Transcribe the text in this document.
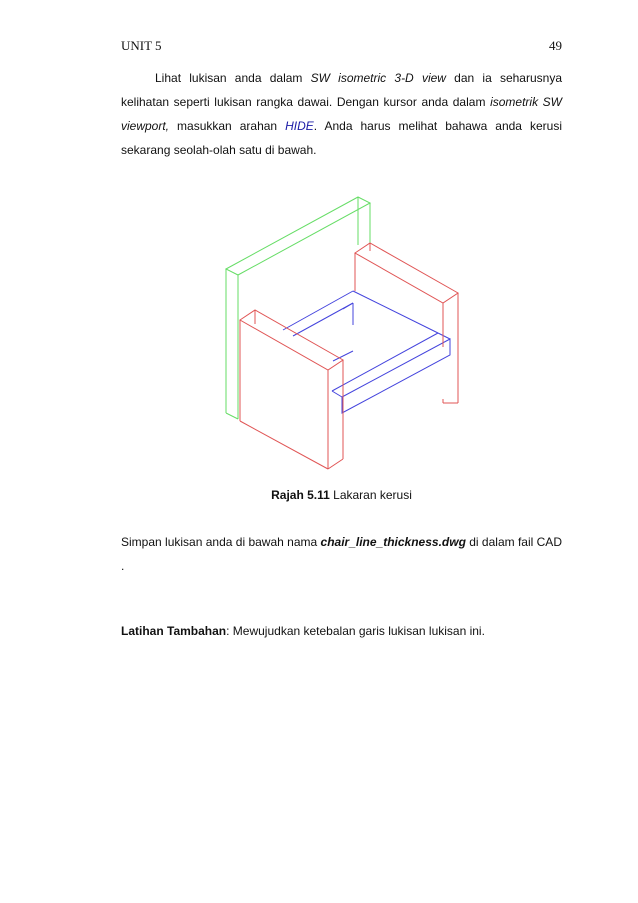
UNIT 5	49
Lihat lukisan anda dalam SW isometric 3-D view dan ia seharusnya kelihatan seperti lukisan rangka dawai. Dengan kursor anda dalam isometrik SW viewport, masukkan arahan HIDE. Anda harus melihat bahawa anda kerusi sekarang seolah-olah satu di bawah.
Rajah 5.11 Lakaran kerusi
Simpan lukisan anda di bawah nama chair_line_thickness.dwg di dalam fail CAD .
Latihan Tambahan: Mewujudkan ketebalan garis lukisan lukisan ini.
